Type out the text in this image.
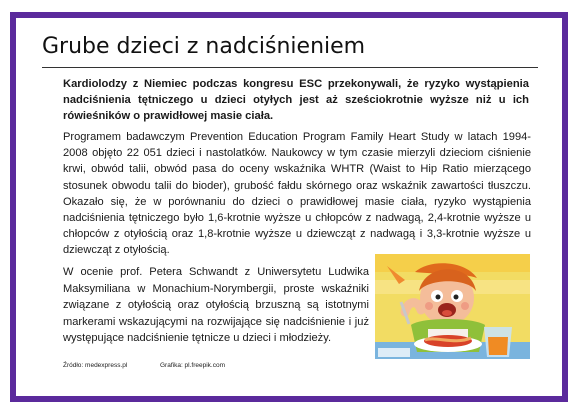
Grube dzieci z nadciśnieniem

Kardiolodzy z Niemiec podczas kongresu ESC przekonywali, że ryzyko wystąpienia nadciśnienia tętniczego u dzieci otyłych jest aż sześciokrotnie wyższe niż u ich rówieśników o prawidłowej masie ciała.

Programem badawczym Prevention Education Program Family Heart Study w latach 1994-2008 objęto 22 051 dzieci i nastolatków. Naukowcy w tym czasie mierzyli dzieciom ciśnienie krwi, obwód talii, obwód pasa do oceny wskaźnika WHTR (Waist to Hip Ratio mierzącego stosunek obwodu talii do bioder), grubość fałdu skórnego oraz wskaźnik zawartości tłuszczu. Okazało się, że w porównaniu do dzieci o prawidłowej masie ciała, ryzyko wystąpienia nadciśnienia tętniczego było 1,6-krotnie wyższe u chłopców z nadwagą, 2,4-krotnie wyższe u chłopców z otyłością oraz 1,8-krotnie wyższe u dziewcząt z nadwagą i 3,3-krotnie wyższe u dziewcząt z otyłością.

W ocenie prof. Petera Schwandt z Uniwersytetu Ludwika Maksymiliana w Monachium-Norymbergii, proste wskaźniki związane z otyłością oraz otyłością brzuszną są istotnymi markerami wskazującymi na rozwijające się nadciśnienie i już występujące nadciśnienie tętnicze u dzieci i młodzieży.

Źródło: medexpress.pl	Grafika: pl.freepik.com
